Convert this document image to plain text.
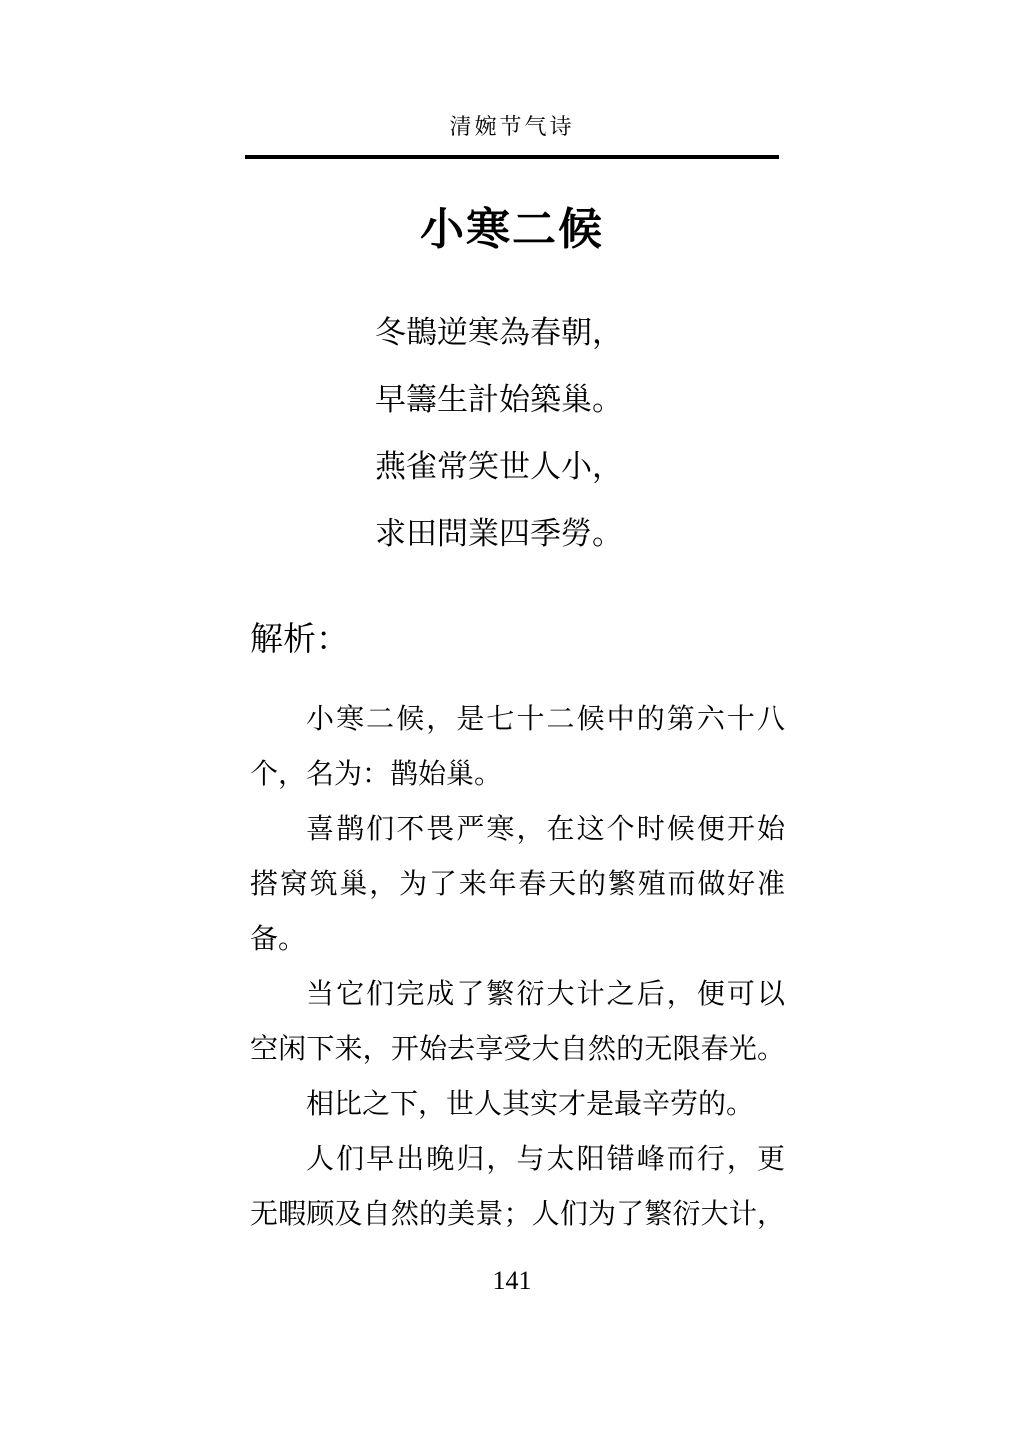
清婉节气诗
小寒二候
冬鵲逆寒為春朝，
早籌生計始築巢。
燕雀常笑世人小，
求田問業四季勞。
解析：
小寒二候，是七十二候中的第六十八
个，名为：鹊始巢。
喜鹊们不畏严寒，在这个时候便开始
搭窝筑巢，为了来年春天的繁殖而做好准
备。
当它们完成了繁衍大计之后，便可以
空闲下来，开始去享受大自然的无限春光。
相比之下，世人其实才是最辛劳的。
人们早出晚归，与太阳错峰而行，更
无暇顾及自然的美景；人们为了繁衍大计，
141
